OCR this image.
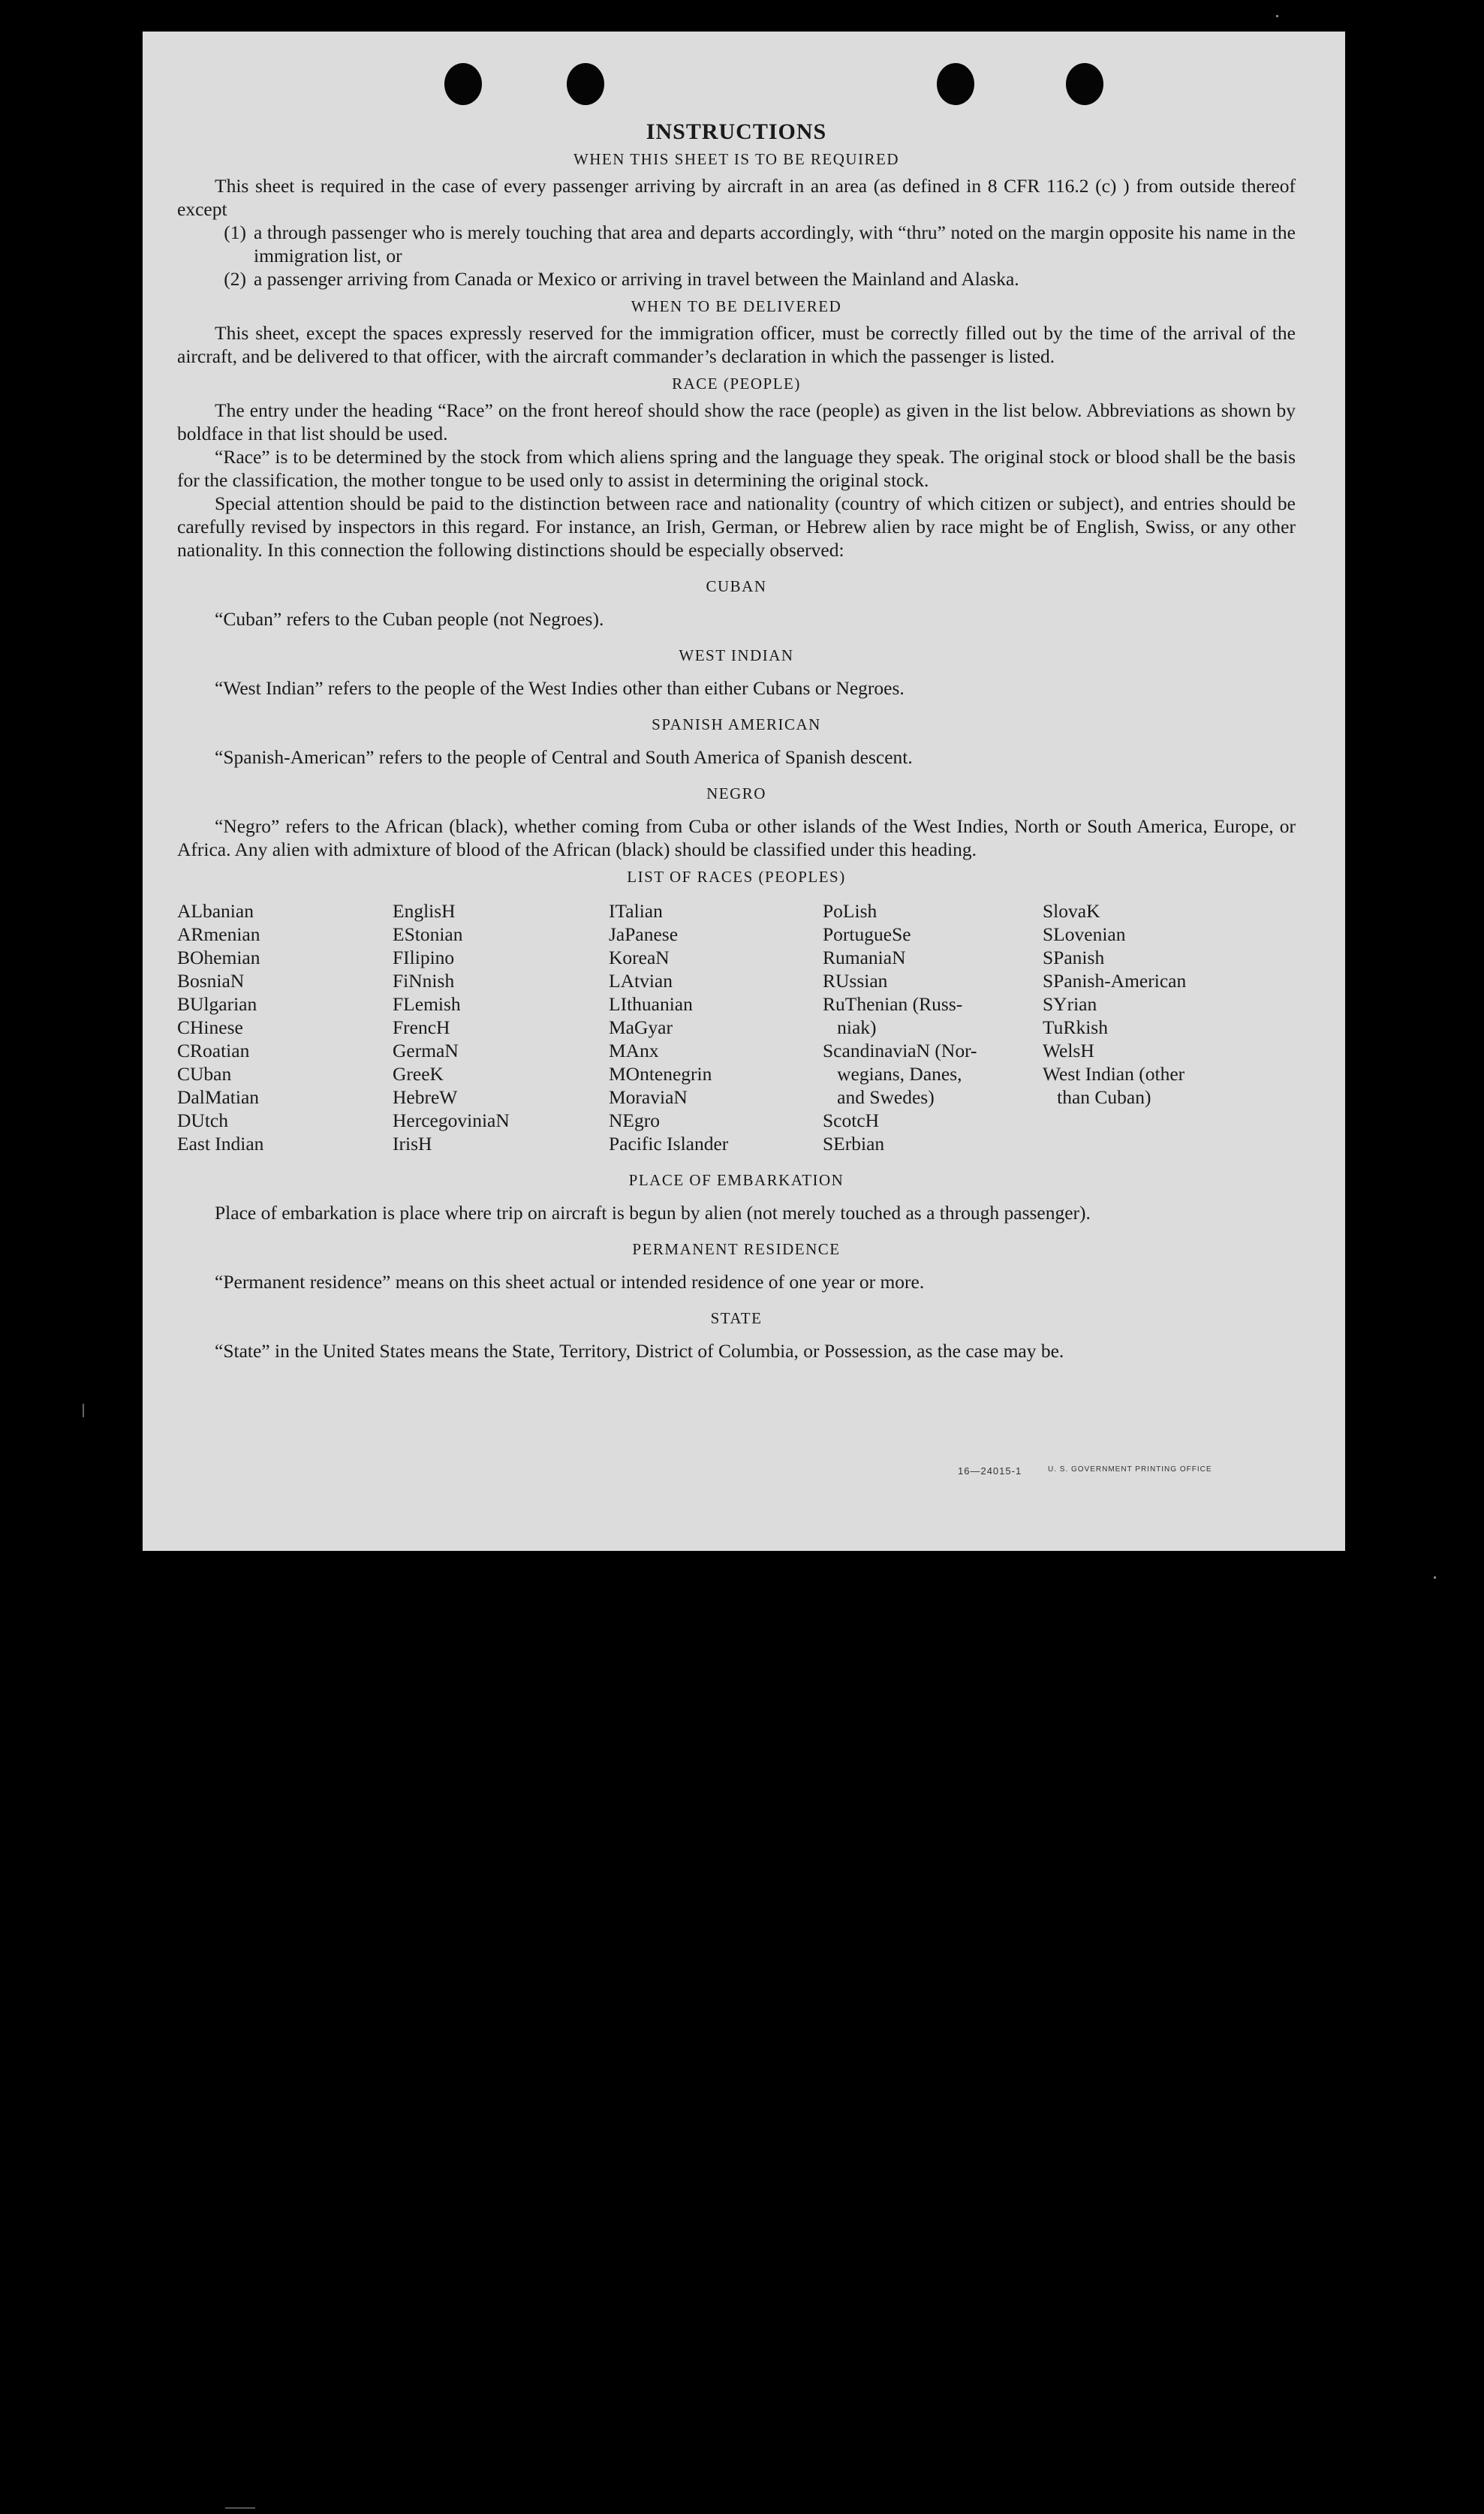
INSTRUCTIONS
WHEN THIS SHEET IS TO BE REQUIRED

This sheet is required in the case of every passenger arriving by aircraft in an area (as defined in 8 CFR 116.2 (c) ) from outside thereof except

(1) a through passenger who is merely touching that area and departs accordingly, with “thru” noted on the margin opposite his name in the immigration list, or
(2) a passenger arriving from Canada or Mexico or arriving in travel between the Mainland and Alaska.
WHEN TO BE DELIVERED

This sheet, except the spaces expressly reserved for the immigration officer, must be correctly filled out by the time of the arrival of the aircraft, and be delivered to that officer, with the aircraft commander’s declaration in which the passenger is listed.

RACE (PEOPLE)

The entry under the heading “Race” on the front hereof should show the race (people) as given in the list below. Abbreviations as shown by boldface in that list should be used.

“Race” is to be determined by the stock from which aliens spring and the language they speak. The original stock or blood shall be the basis for the classification, the mother tongue to be used only to assist in determining the original stock.

Special attention should be paid to the distinction between race and nationality (country of which citizen or subject), and entries should be carefully revised by inspectors in this regard. For instance, an Irish, German, or Hebrew alien by race might be of English, Swiss, or any other nationality. In this connection the following distinctions should be especially observed:

CUBAN

“Cuban” refers to the Cuban people (not Negroes).

WEST INDIAN

“West Indian” refers to the people of the West Indies other than either Cubans or Negroes.

SPANISH AMERICAN

“Spanish-American” refers to the people of Central and South America of Spanish descent.

NEGRO

“Negro” refers to the African (black), whether coming from Cuba or other islands of the West Indies, North or South America, Europe, or Africa. Any alien with admixture of blood of the African (black) should be classified under this heading.

LIST OF RACES (PEOPLES)
ALbanian
ARmenian
BOhemian
BosniaN
BUlgarian
CHinese
CRoatian
CUban
DalMatian
DUtch
East Indian
EnglisH
EStonian
FIlipino
FiNnish
FLemish
FrencH
GermaN
GreeK
HebreW
HercegoviniaN
IrisH
ITalian
JaPanese
KoreaN
LAtvian
LIthuanian
MaGyar
MAnx
MOntenegrin
MoraviaN
NEgro
Pacific Islander
PoLish
PortugueSe
RumaniaN
RUssian
RuThenian (Russ-
niak)
ScandinaviaN (Nor-
wegians, Danes,
and Swedes)
ScotcH
SErbian
SlovaK
SLovenian
SPanish
SPanish-American
SYrian
TuRkish
WelsH
West Indian (other
than Cuban)
PLACE OF EMBARKATION

Place of embarkation is place where trip on aircraft is begun by alien (not merely touched as a through passenger).

PERMANENT RESIDENCE

“Permanent residence” means on this sheet actual or intended residence of one year or more.

STATE

“State” in the United States means the State, Territory, District of Columbia, or Possession, as the case may be.

16—24015-1	U. S. GOVERNMENT PRINTING OFFICE
